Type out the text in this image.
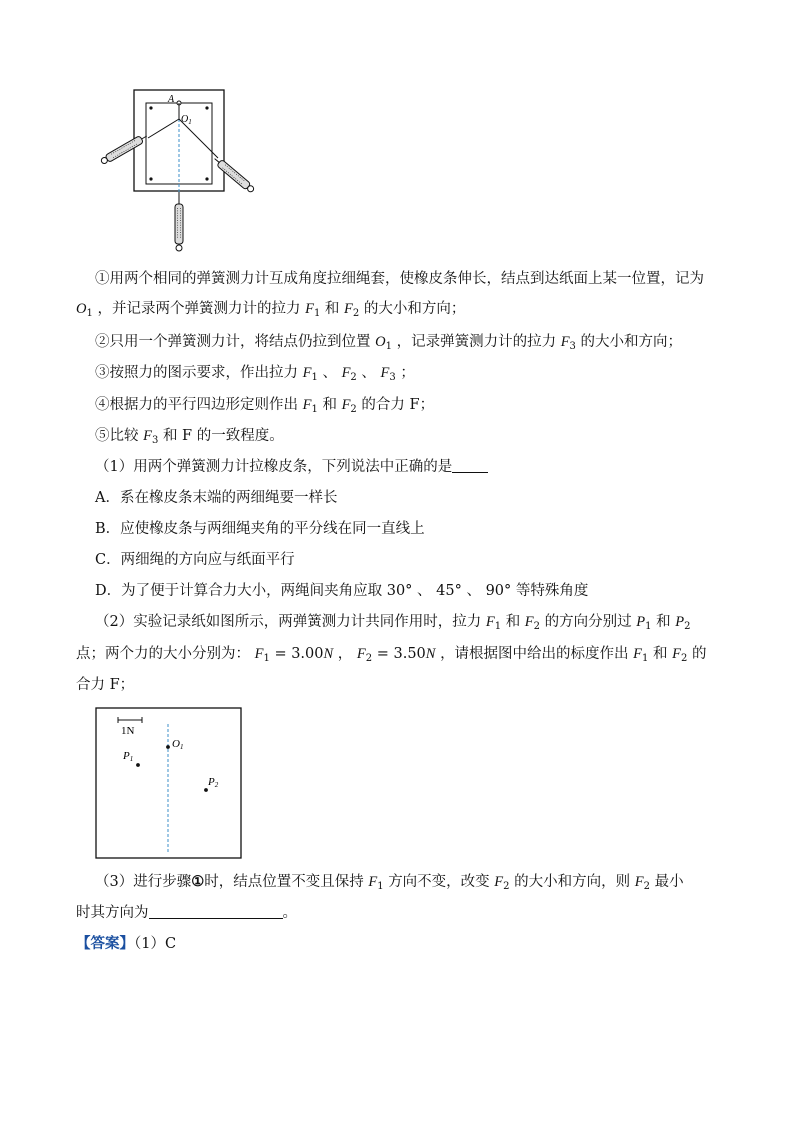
A
$O_1$
①用两个相同的弹簧测力计互成角度拉细绳套，使橡皮条伸长，结点到达纸面上某一位置，记为
$O_1$ ，并记录两个弹簧测力计的拉力 $F_1$ 和 $F_2$ 的大小和方向；
②只用一个弹簧测力计，将结点仍拉到位置 $O_1$ ，记录弹簧测力计的拉力 $F_3$ 的大小和方向；
③按照力的图示要求，作出拉力 $F_1$ 、 $F_2$ 、 $F_3$ ；
④根据力的平行四边形定则作出 $F_1$ 和 $F_2$ 的合力 F；
⑤比较 $F_3$ 和 F 的一致程度。
（1）用两个弹簧测力计拉橡皮条，下列说法中正确的是
A．系在橡皮条末端的两细绳要一样长
B．应使橡皮条与两细绳夹角的平分线在同一直线上
C．两细绳的方向应与纸面平行
D．为了便于计算合力大小，两绳间夹角应取 30° 、 45° 、 90° 等特殊角度
（2）实验记录纸如图所示，两弹簧测力计共同作用时，拉力 $F_1$ 和 $F_2$ 的方向分别过 $P_1$ 和 $P_2$
点；两个力的大小分别为： $F_1 = 3.00N$ ， $F_2 = 3.50N$ ，请根据图中给出的标度作出 $F_1$ 和 $F_2$ 的
合力 F；
1N
O1
P1
P2
（3）进行步骤①时，结点位置不变且保持 $F_1$ 方向不变，改变 $F_2$ 的大小和方向，则 $F_2$ 最小
时其方向为	。
【答案】（1）C
